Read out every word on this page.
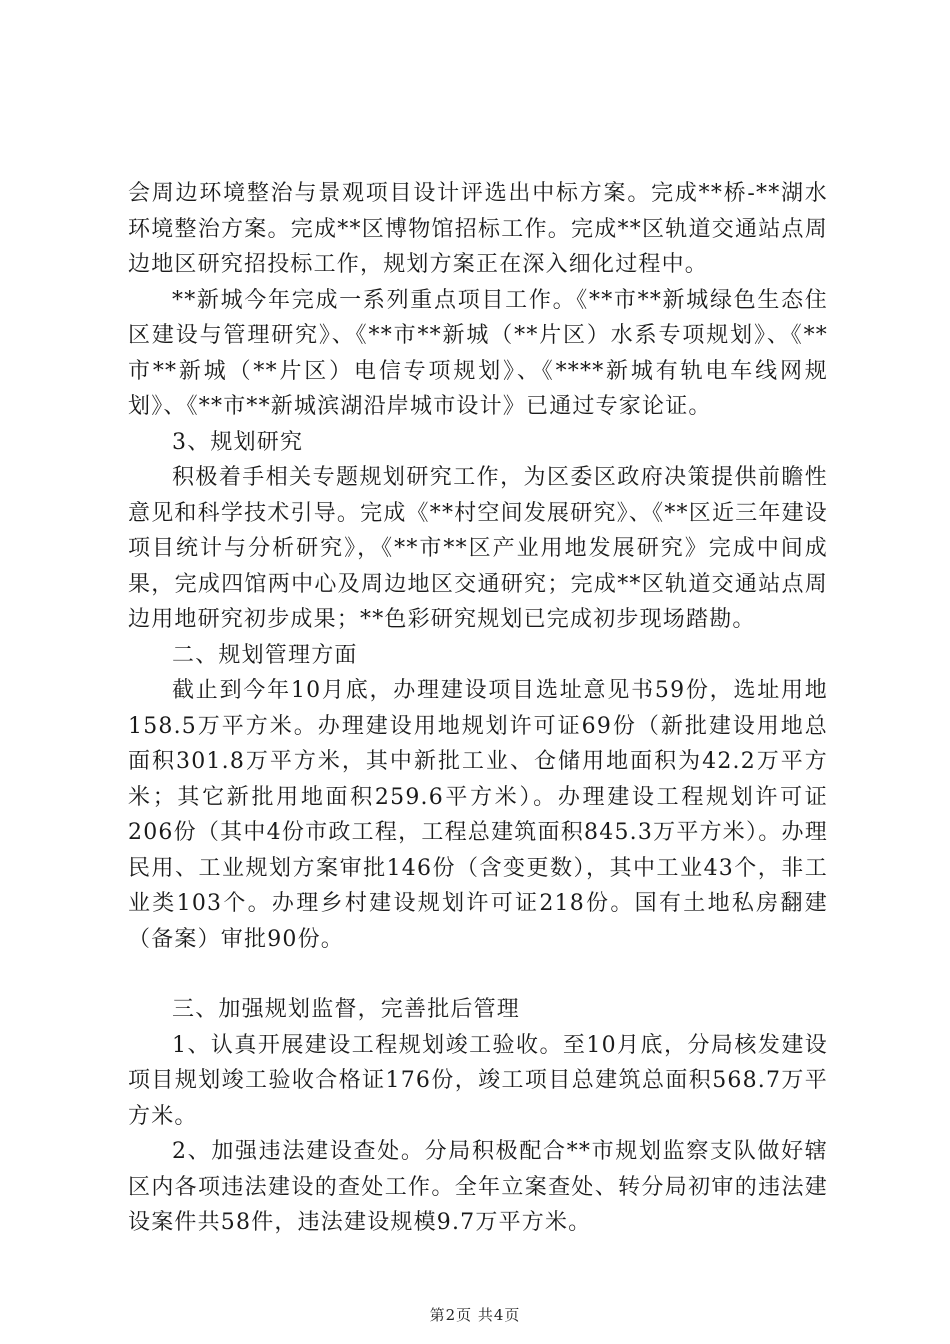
会周边环境整治与景观项目设计评选出中标方案。完成**桥-**湖水环境整治方案。完成**区博物馆招标工作。完成**区轨道交通站点周边地区研究招投标工作，规划方案正在深入细化过程中。

**新城今年完成一系列重点项目工作。《**市**新城绿色生态住区建设与管理研究》、《**市**新城（**片区）水系专项规划》、《**市**新城（**片区）电信专项规划》、《****新城有轨电车线网规划》、《**市**新城滨湖沿岸城市设计》已通过专家论证。

3、规划研究

积极着手相关专题规划研究工作，为区委区政府决策提供前瞻性意见和科学技术引导。完成《**村空间发展研究》、《**区近三年建设项目统计与分析研究》，《**市**区产业用地发展研究》完成中间成果，完成四馆两中心及周边地区交通研究；完成**区轨道交通站点周边用地研究初步成果；**色彩研究规划已完成初步现场踏勘。

二、规划管理方面

截止到今年10月底，办理建设项目选址意见书59份，选址用地158.5万平方米。办理建设用地规划许可证69份（新批建设用地总面积301.8万平方米，其中新批工业、仓储用地面积为42.2万平方米；其它新批用地面积259.6平方米）。办理建设工程规划许可证206份（其中4份市政工程，工程总建筑面积845.3万平方米）。办理民用、工业规划方案审批146份（含变更数），其中工业43个，非工业类103个。办理乡村建设规划许可证218份。国有土地私房翻建（备案）审批90份。

三、加强规划监督，完善批后管理

1、认真开展建设工程规划竣工验收。至10月底，分局核发建设项目规划竣工验收合格证176份，竣工项目总建筑总面积568.7万平方米。

2、加强违法建设查处。分局积极配合**市规划监察支队做好辖区内各项违法建设的查处工作。全年立案查处、转分局初审的违法建设案件共58件，违法建设规模9.7万平方米。

第2页 共4页
